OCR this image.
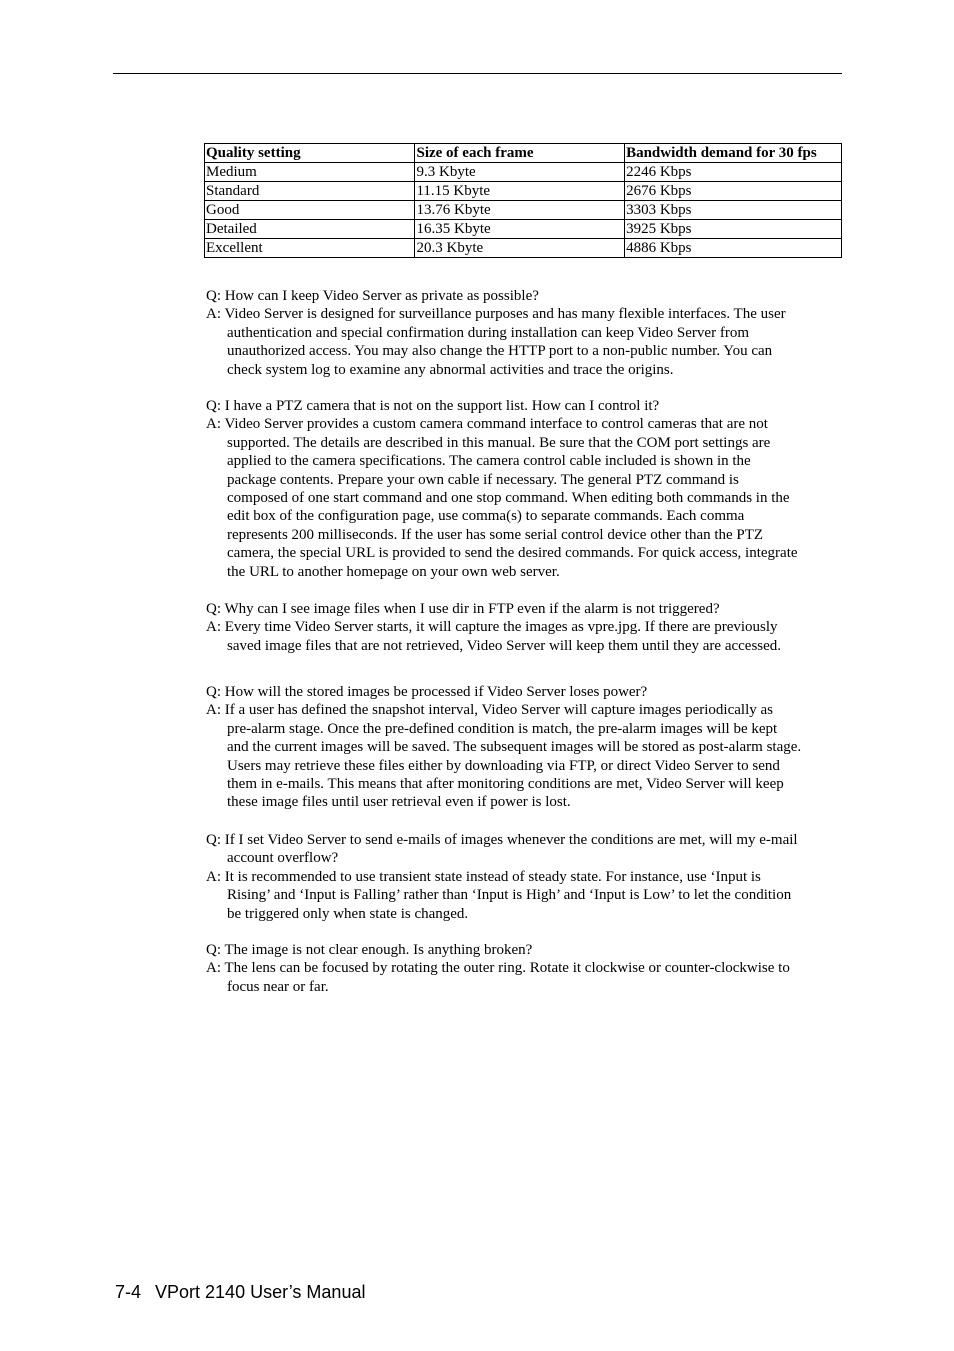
Quality setting	Size of each frame	Bandwidth demand for 30 fps
Medium	9.3 Kbyte	2246 Kbps
Standard	11.15 Kbyte	2676 Kbps
Good	13.76 Kbyte	3303 Kbps
Detailed	16.35 Kbyte	3925 Kbps
Excellent	20.3 Kbyte	4886 Kbps

Q: How can I keep Video Server as private as possible?

A: Video Server is designed for surveillance purposes and has many flexible interfaces. The user
authentication and special confirmation during installation can keep Video Server from
unauthorized access. You may also change the HTTP port to a non-public number. You can
check system log to examine any abnormal activities and trace the origins.

Q: I have a PTZ camera that is not on the support list. How can I control it?

A: Video Server provides a custom camera command interface to control cameras that are not
supported. The details are described in this manual. Be sure that the COM port settings are
applied to the camera specifications. The camera control cable included is shown in the
package contents. Prepare your own cable if necessary. The general PTZ command is
composed of one start command and one stop command. When editing both commands in the
edit box of the configuration page, use comma(s) to separate commands. Each comma
represents 200 milliseconds. If the user has some serial control device other than the PTZ
camera, the special URL is provided to send the desired commands. For quick access, integrate
the URL to another homepage on your own web server.

Q: Why can I see image files when I use dir in FTP even if the alarm is not triggered?

A: Every time Video Server starts, it will capture the images as vpre.jpg. If there are previously
saved image files that are not retrieved, Video Server will keep them until they are accessed.

Q: How will the stored images be processed if Video Server loses power?

A: If a user has defined the snapshot interval, Video Server will capture images periodically as
pre-alarm stage. Once the pre-defined condition is match, the pre-alarm images will be kept
and the current images will be saved. The subsequent images will be stored as post-alarm stage.
Users may retrieve these files either by downloading via FTP, or direct Video Server to send
them in e-mails. This means that after monitoring conditions are met, Video Server will keep
these image files until user retrieval even if power is lost.

Q: If I set Video Server to send e-mails of images whenever the conditions are met, will my e-mail
account overflow?

A: It is recommended to use transient state instead of steady state. For instance, use ‘Input is
Rising’ and ‘Input is Falling’ rather than ‘Input is High’ and ‘Input is Low’ to let the condition
be triggered only when state is changed.

Q: The image is not clear enough. Is anything broken?

A: The lens can be focused by rotating the outer ring. Rotate it clockwise or counter-clockwise to
focus near or far.

7-4 VPort 2140 User’s Manual
